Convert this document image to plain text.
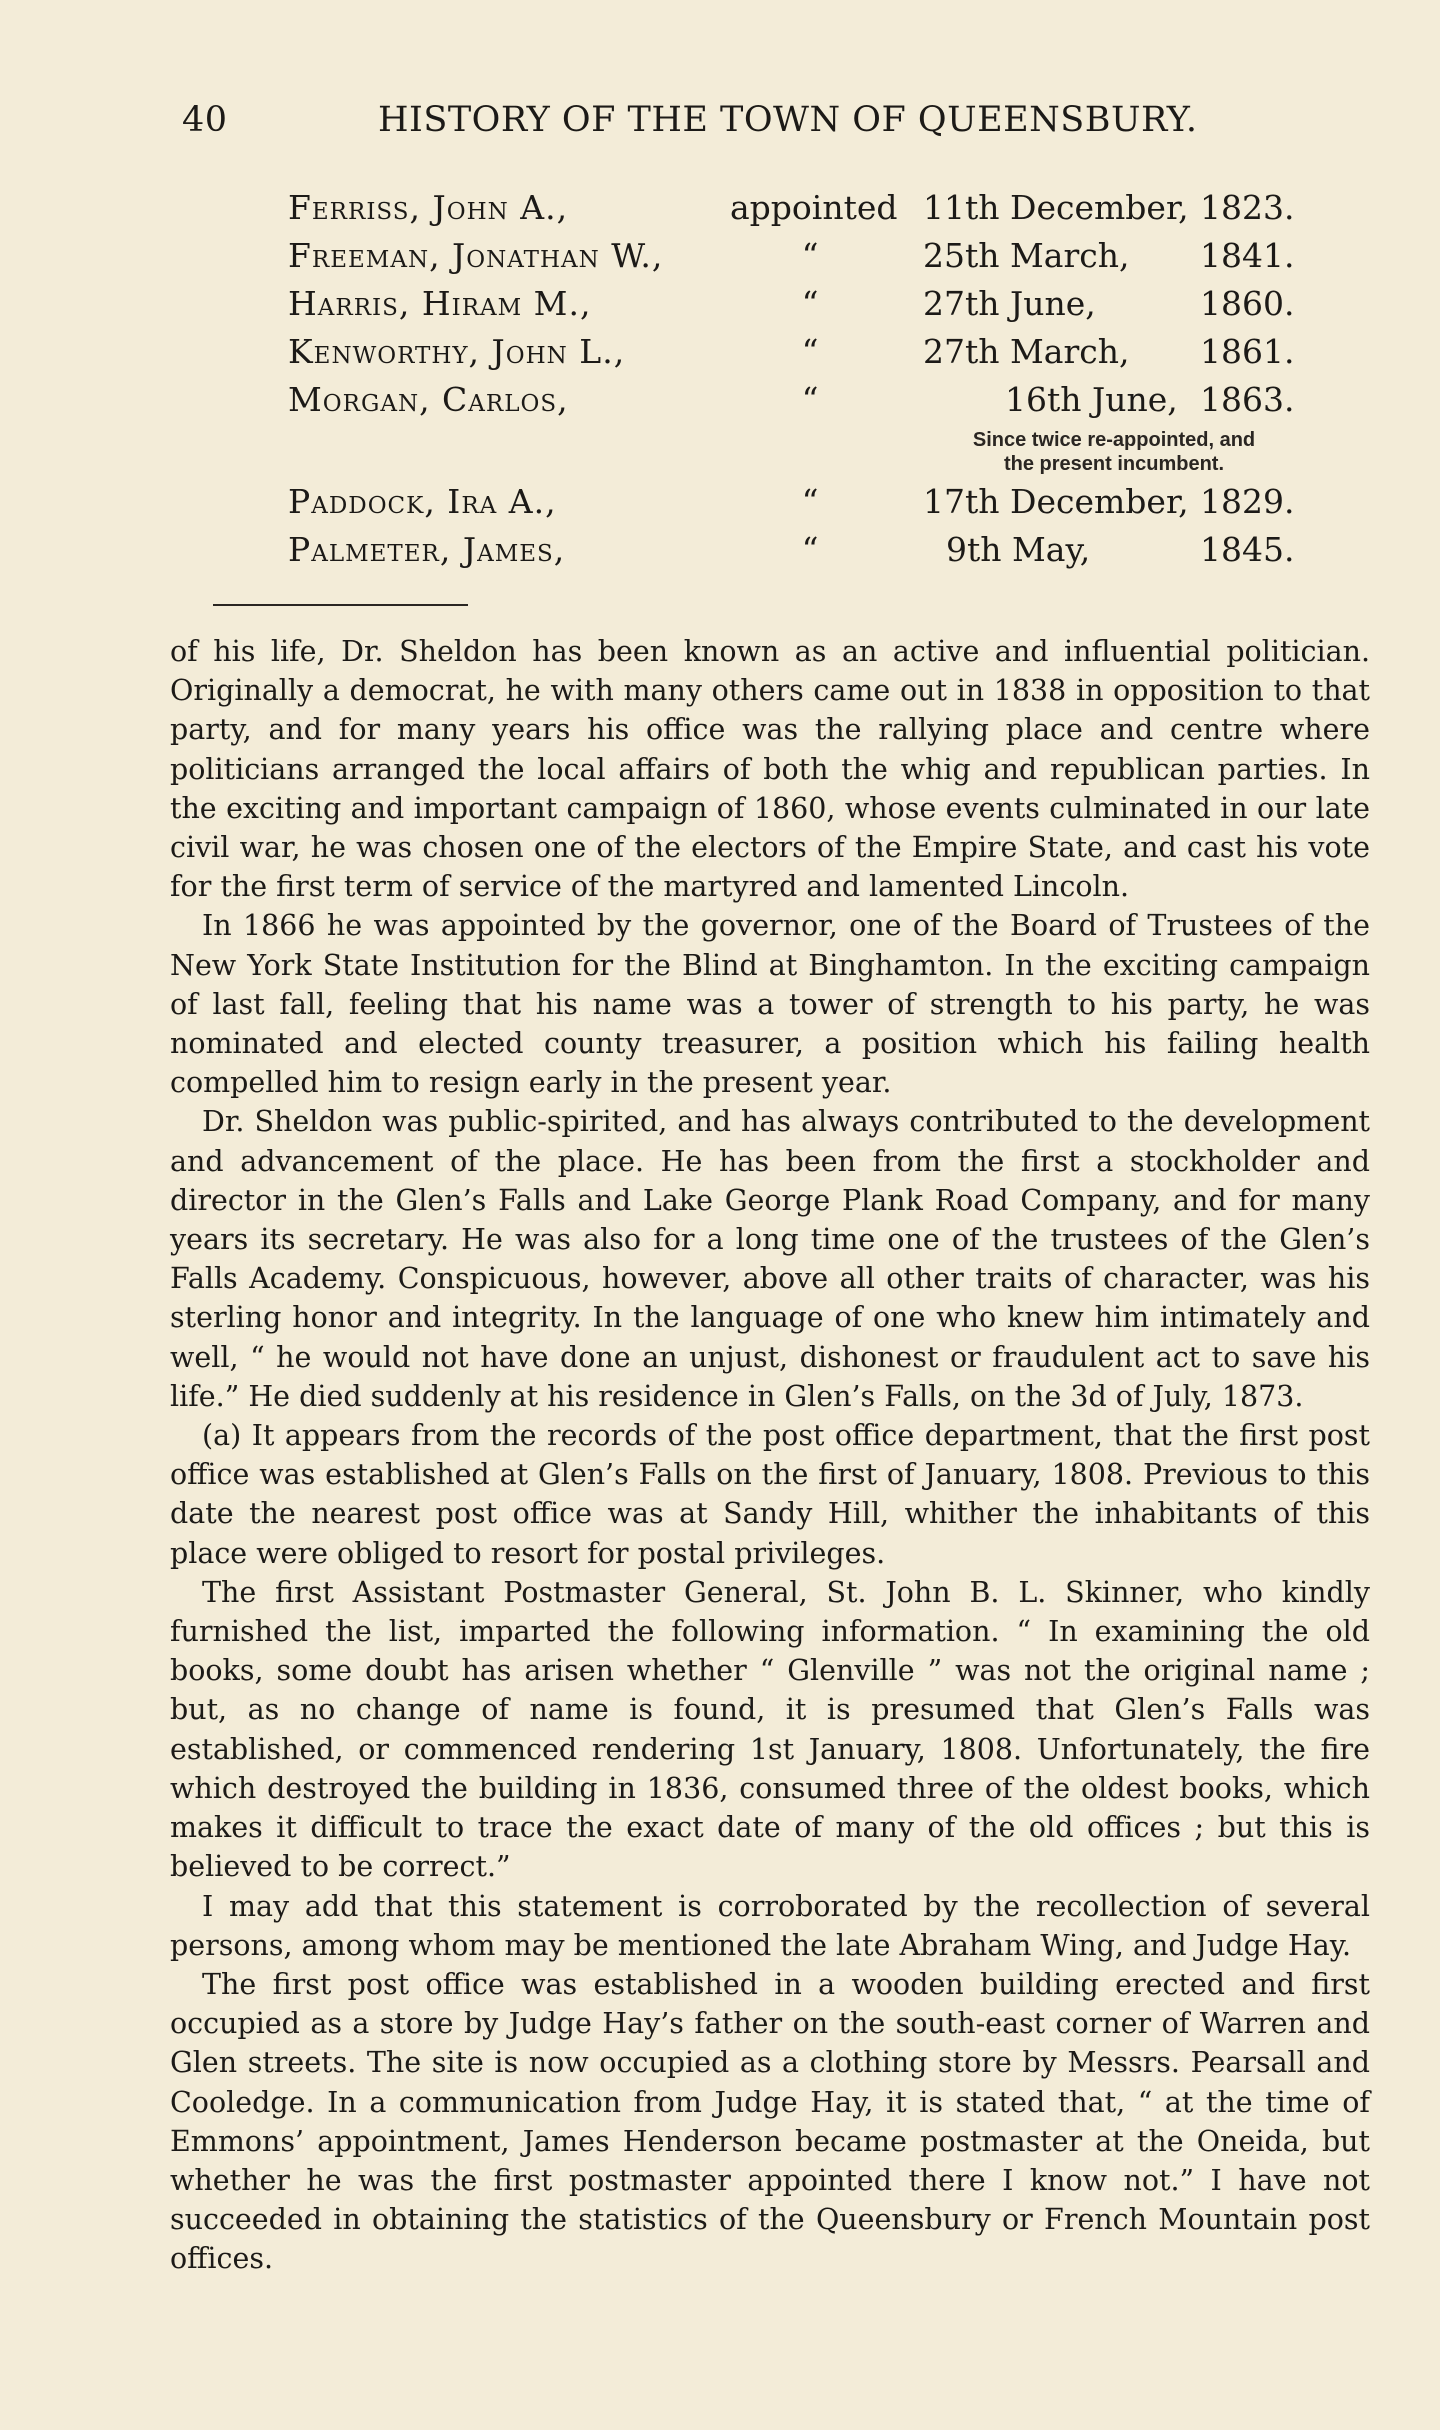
40	HISTORY OF THE TOWN OF QUEENSBURY.
Ferriss, John A.,	appointed 11th December, 1823.
Freeman, Jonathan W.,	“	25th March, 1841.
Harris, Hiram M.,	“	27th June,	1860.
Kenworthy, John L.,	“	27th March, 1861.
Morgan, Carlos,	“	16th June, 1863.
Since twice re-appointed, and
the present incumbent.
Paddock, Ira A.,	“	17th December, 1829.
Palmeter, James,	“	9th May,	1845.

of his life, Dr. Sheldon has been known as an active and influential politician. Originally a democrat, he with many others came out in 1838 in opposition to that party, and for many years his office was the rallying place and centre where politicians arranged the local affairs of both the whig and republican parties. In the exciting and important campaign of 1860, whose events culminated in our late civil war, he was chosen one of the electors of the Empire State, and cast his vote for the first term of service of the martyred and lamented Lincoln.

In 1866 he was appointed by the governor, one of the Board of Trustees of the New York State Institution for the Blind at Binghamton. In the exciting campaign of last fall, feeling that his name was a tower of strength to his party, he was nominated and elected county treasurer, a position which his failing health compelled him to resign early in the present year.

Dr. Sheldon was public-spirited, and has always contributed to the development and advancement of the place. He has been from the first a stockholder and director in the Glen’s Falls and Lake George Plank Road Company, and for many years its secretary. He was also for a long time one of the trustees of the Glen’s Falls Academy. Conspicuous, however, above all other traits of character, was his sterling honor and integrity. In the language of one who knew him intimately and well, “ he would not have done an unjust, dishonest or fraudulent act to save his life.” He died suddenly at his residence in Glen’s Falls, on the 3d of July, 1873.

(a) It appears from the records of the post office department, that the first post office was established at Glen’s Falls on the first of January, 1808. Previous to this date the nearest post office was at Sandy Hill, whither the inhabitants of this place were obliged to resort for postal privileges.

The first Assistant Postmaster General, St. John B. L. Skinner, who kindly furnished the list, imparted the following information. “ In examining the old books, some doubt has arisen whether “ Glenville ” was not the original name ; but, as no change of name is found, it is presumed that Glen’s Falls was established, or commenced rendering 1st January, 1808. Unfortunately, the fire which destroyed the building in 1836, consumed three of the oldest books, which makes it difficult to trace the exact date of many of the old offices ; but this is believed to be correct.”

I may add that this statement is corroborated by the recollection of several persons, among whom may be mentioned the late Abraham Wing, and Judge Hay.

The first post office was established in a wooden building erected and first occupied as a store by Judge Hay’s father on the south-east corner of Warren and Glen streets. The site is now occupied as a clothing store by Messrs. Pearsall and Cooledge. In a communication from Judge Hay, it is stated that, “ at the time of Emmons’ appointment, James Henderson became postmaster at the Oneida, but whether he was the first postmaster appointed there I know not.” I have not succeeded in obtaining the statistics of the Queensbury or French Mountain post offices.
